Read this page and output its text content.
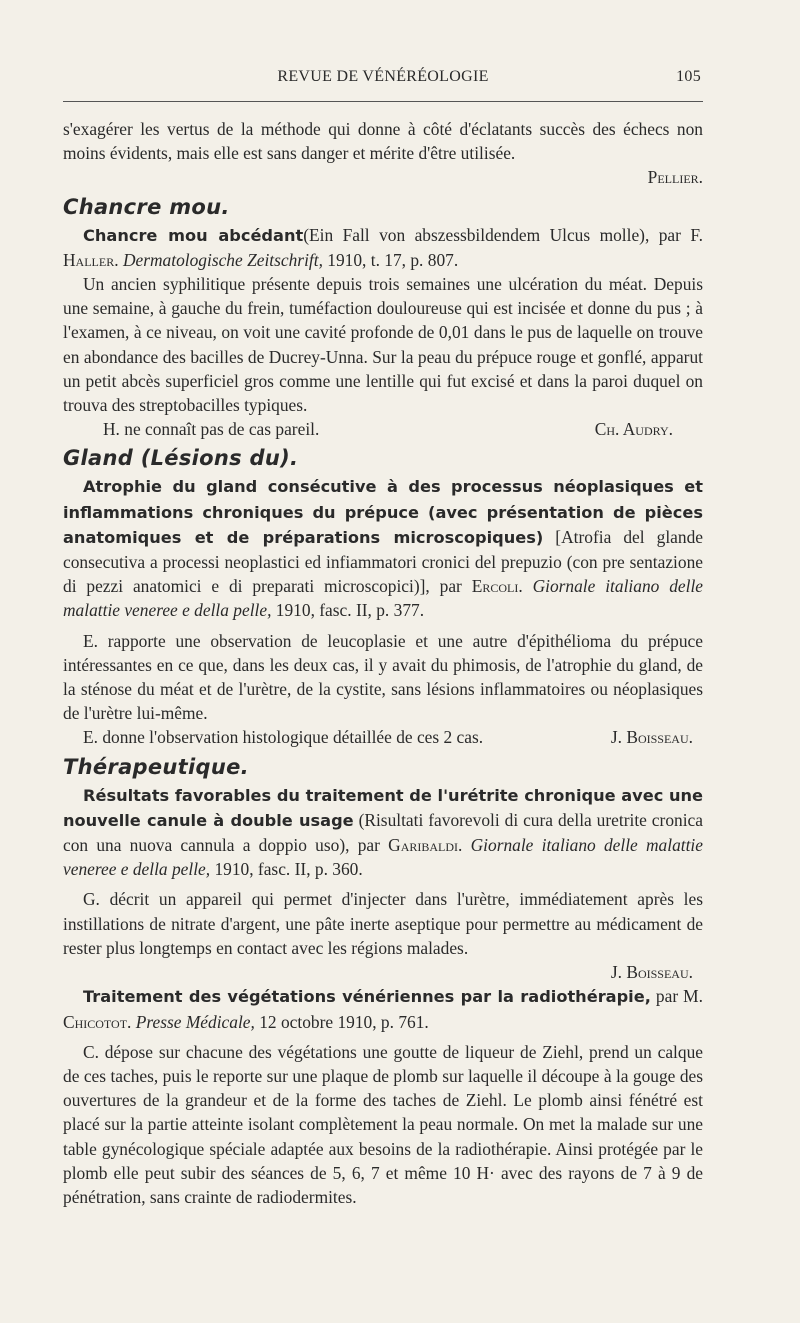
REVUE DE VÉNÉRÉOLOGIE	105

s'exagérer les vertus de la méthode qui donne à côté d'éclatants succès des échecs non moins évidents, mais elle est sans danger et mérite d'être utilisée.

Pellier.

Chancre mou.

Chancre mou abcédant(Ein Fall von abszessbildendem Ulcus molle), par F. Haller. Dermatologische Zeitschrift, 1910, t. 17, p. 807.

Un ancien syphilitique présente depuis trois semaines une ulcération du méat. Depuis une semaine, à gauche du frein, tuméfaction douloureuse qui est incisée et donne du pus ; à l'examen, à ce niveau, on voit une cavité profonde de 0,01 dans le pus de laquelle on trouve en abondance des bacilles de Ducrey-Unna. Sur la peau du prépuce rouge et gonflé, apparut un petit abcès superficiel gros comme une lentille qui fut excisé et dans la paroi duquel on trouva des streptobacilles typiques.

H. ne connaît pas de cas pareil.	Ch. Audry.

Gland (Lésions du).

Atrophie du gland consécutive à des processus néoplasiques et inflammations chroniques du prépuce (avec présentation de pièces anatomiques et de préparations microscopiques) [Atrofia del glande consecutiva a processi neoplastici ed infiammatori cronici del prepuzio (con pre sentazione di pezzi anatomici e di preparati microscopici)], par Ercoli. Giornale italiano delle malattie veneree e della pelle, 1910, fasc. II, p. 377.

E. rapporte une observation de leucoplasie et une autre d'épithélioma du prépuce intéressantes en ce que, dans les deux cas, il y avait du phimosis, de l'atrophie du gland, de la sténose du méat et de l'urètre, de la cystite, sans lésions inflammatoires ou néoplasiques de l'urètre lui-même.

E. donne l'observation histologique détaillée de ces 2 cas.	J. Boisseau.

Thérapeutique.

Résultats favorables du traitement de l'urétrite chronique avec une nouvelle canule à double usage (Risultati favorevoli di cura della uretrite cronica con una nuova cannula a doppio uso), par Garibaldi. Giornale italiano delle malattie veneree e della pelle, 1910, fasc. II, p. 360.

G. décrit un appareil qui permet d'injecter dans l'urètre, immédiatement après les instillations de nitrate d'argent, une pâte inerte aseptique pour permettre au médicament de rester plus longtemps en contact avec les régions malades.

J. Boisseau.

Traitement des végétations vénériennes par la radiothérapie, par M. Chicotot. Presse Médicale, 12 octobre 1910, p. 761.

C. dépose sur chacune des végétations une goutte de liqueur de Ziehl, prend un calque de ces taches, puis le reporte sur une plaque de plomb sur laquelle il découpe à la gouge des ouvertures de la grandeur et de la forme des taches de Ziehl. Le plomb ainsi fénétré est placé sur la partie atteinte isolant complètement la peau normale. On met la malade sur une table gynécologique spéciale adaptée aux besoins de la radiothérapie. Ainsi protégée par le plomb elle peut subir des séances de 5, 6, 7 et même 10 H· avec des rayons de 7 à 9 de pénétration, sans crainte de radiodermites.
